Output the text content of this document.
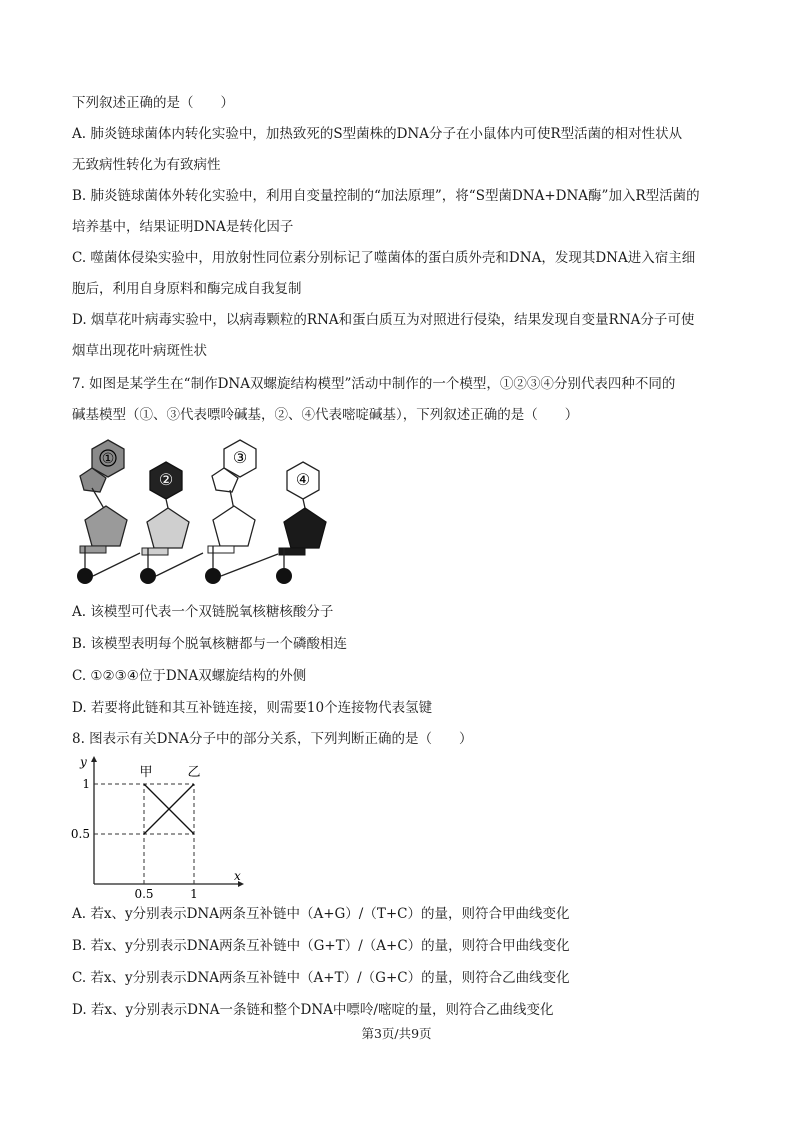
下列叙述正确的是（　　）
A. 肺炎链球菌体内转化实验中，加热致死的S型菌株的DNA分子在小鼠体内可使R型活菌的相对性状从
无致病性转化为有致病性
B. 肺炎链球菌体外转化实验中，利用自变量控制的“加法原理”，将“S型菌DNA+DNA酶”加入R型活菌的
培养基中，结果证明DNA是转化因子
C. 噬菌体侵染实验中，用放射性同位素分别标记了噬菌体的蛋白质外壳和DNA，发现其DNA进入宿主细
胞后，利用自身原料和酶完成自我复制
D. 烟草花叶病毒实验中，以病毒颗粒的RNA和蛋白质互为对照进行侵染，结果发现自变量RNA分子可使
烟草出现花叶病斑性状
7. 如图是某学生在“制作DNA双螺旋结构模型”活动中制作的一个模型，①②③④分别代表四种不同的
碱基模型（①、③代表嘌呤碱基，②、④代表嘧啶碱基），下列叙述正确的是（　　）
①
②
③
④
A. 该模型可代表一个双链脱氧核糖核酸分子
B. 该模型表明每个脱氧核糖都与一个磷酸相连
C. ①②③④位于DNA双螺旋结构的外侧
D. 若要将此链和其互补链连接，则需要10个连接物代表氢键
8. 图表示有关DNA分子中的部分关系，下列判断正确的是（　　）
x
y
0.5	1
0.5
1
甲	乙
A. 若x、y分别表示DNA两条互补链中（A+G）/（T+C）的量，则符合甲曲线变化
B. 若x、y分别表示DNA两条互补链中（G+T）/（A+C）的量，则符合甲曲线变化
C. 若x、y分别表示DNA两条互补链中（A+T）/（G+C）的量，则符合乙曲线变化
D. 若x、y分别表示DNA一条链和整个DNA中嘌呤/嘧啶的量，则符合乙曲线变化
第3页/共9页
